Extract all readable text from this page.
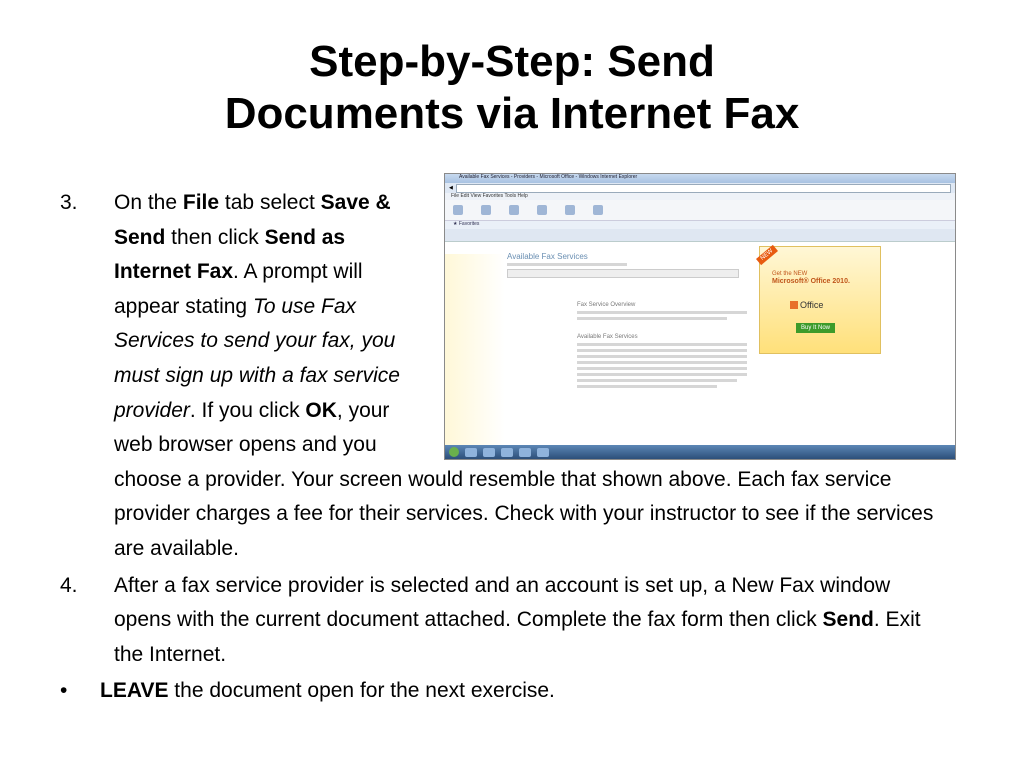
Step-by-Step: Send
Documents via Internet Fax
Available Fax Services - Providers - Microsoft Office - Windows Internet Explorer
◀
File Edit View Favorites Tools Help
★ Favorites
Available Fax Services
Fax Service Overview
Available Fax Services
NEW
Get the NEW
Microsoft® Office 2010.
Office
Buy It Now
3. On the File tab select Save & Send then click Send as Internet Fax. A prompt will appear stating To use Fax Services to send your fax, you must sign up with a fax service provider. If you click OK, your web browser opens and you choose a provider. Your screen would resemble that shown above. Each fax service provider charges a fee for their services. Check with your instructor to see if the services are available.
4. After a fax service provider is selected and an account is set up, a New Fax window opens with the current document attached. Complete the fax form then click Send. Exit the Internet.
• LEAVE the document open for the next exercise.
